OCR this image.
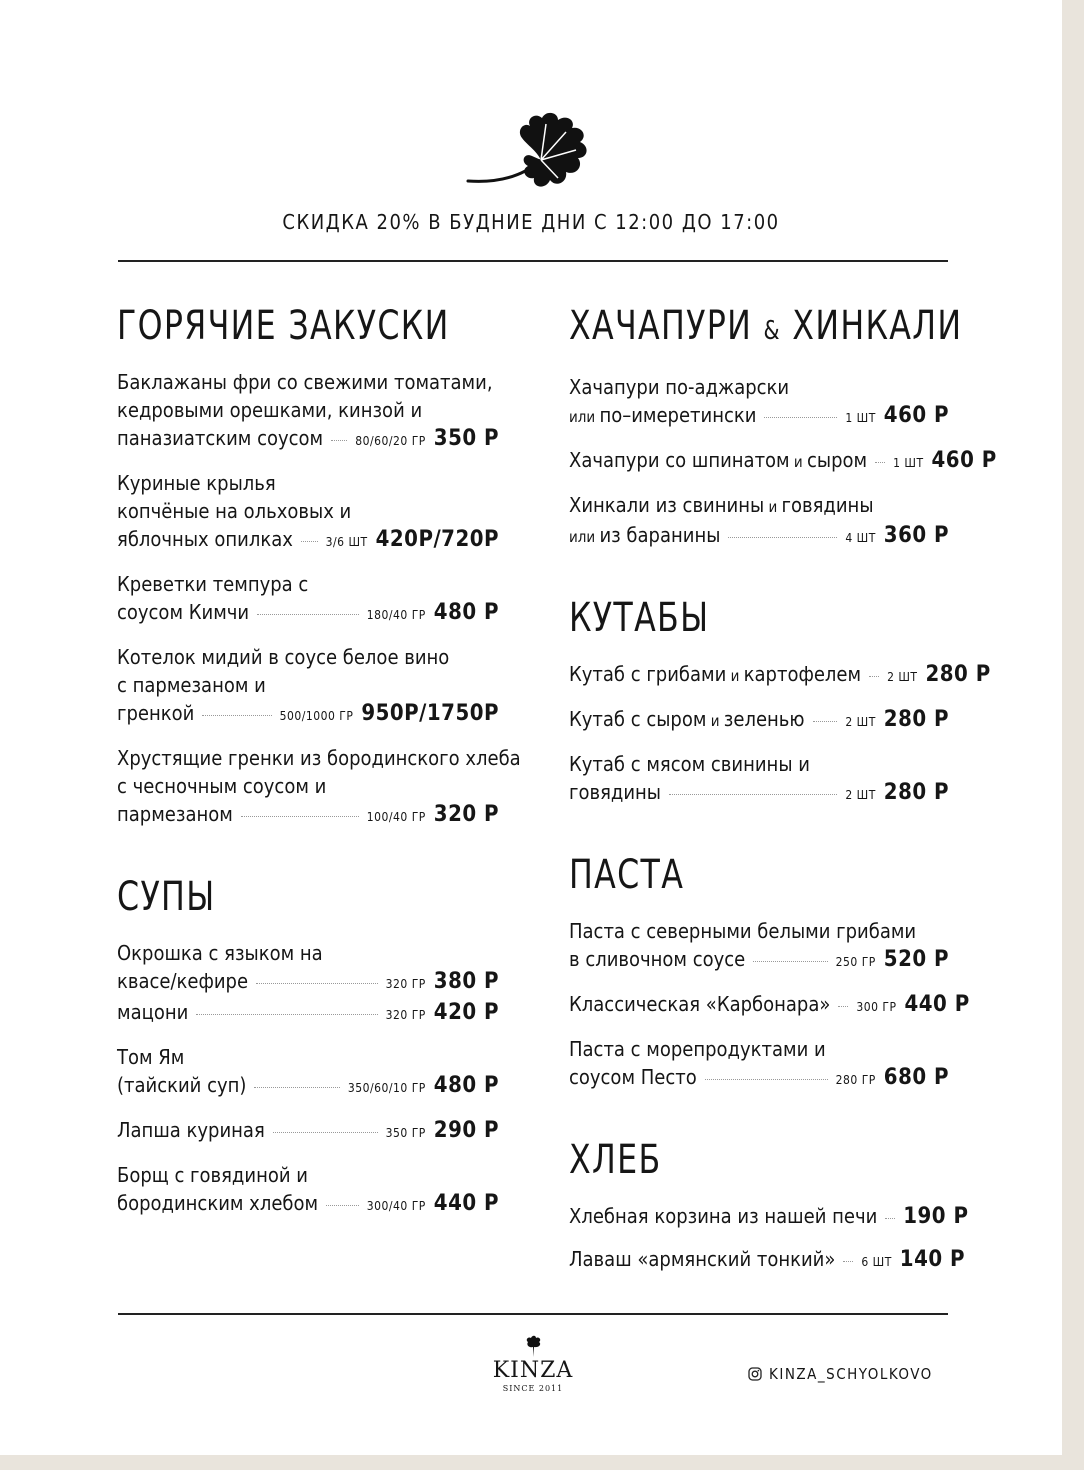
СКИДКА 20% В БУДНИЕ ДНИ С 12:00 ДО 17:00
ГОРЯЧИЕ ЗАКУСКИ
Баклажаны фри со свежими томатами,
кедровыми орешками, кинзой и
паназиатским соусом	80/60/20 ГР 350 Р
Куриные крылья
копчёные на ольховых и
яблочных опилках	3/6 ШТ 420Р/720Р
Креветки темпура с
соусом Кимчи	180/40 ГР 480 Р
Котелок мидий в соусе белое вино
с пармезаном и
гренкой	500/1000 ГР 950Р/1750Р
Хрустящие гренки из бородинского хлеба
с чесночным соусом и
пармезаном	100/40 ГР 320 Р
СУПЫ
Окрошка с языком на
квасе/кефире	320 ГР 380 Р
мацони	320 ГР 420 Р
Том Ям
(тайский суп)	350/60/10 ГР 480 Р
Лапша куриная	350 ГР 290 Р
Борщ с говядиной и
бородинским хлебом	300/40 ГР 440 Р
ХАЧАПУРИ & ХИНКАЛИ
Хачапури по-аджарски
или по–имеретински	1 ШТ 460 Р
Хачапури со шпинатом и сыром 1 ШТ 460 Р
Хинкали из свинины и говядины
или из баранины	4 ШТ 360 Р
КУТАБЫ
Кутаб с грибами и картофелем 2 ШТ 280 Р
Кутаб с сыром и зеленью	2 ШТ 280 Р
Кутаб с мясом свинины и
говядины	2 ШТ 280 Р
ПАСТА
Паста с северными белыми грибами
в сливочном соусе	250 ГР 520 Р
Классическая «Карбонара» 300 ГР 440 Р
Паста с морепродуктами и
соусом Песто	280 ГР 680 Р
ХЛЕБ
Хлебная корзина из нашей печи 190 Р
Лаваш «армянский тонкий» 6 ШТ 140 Р
KINZA
SINCE 2011
KINZA_SCHYOLKOVO
